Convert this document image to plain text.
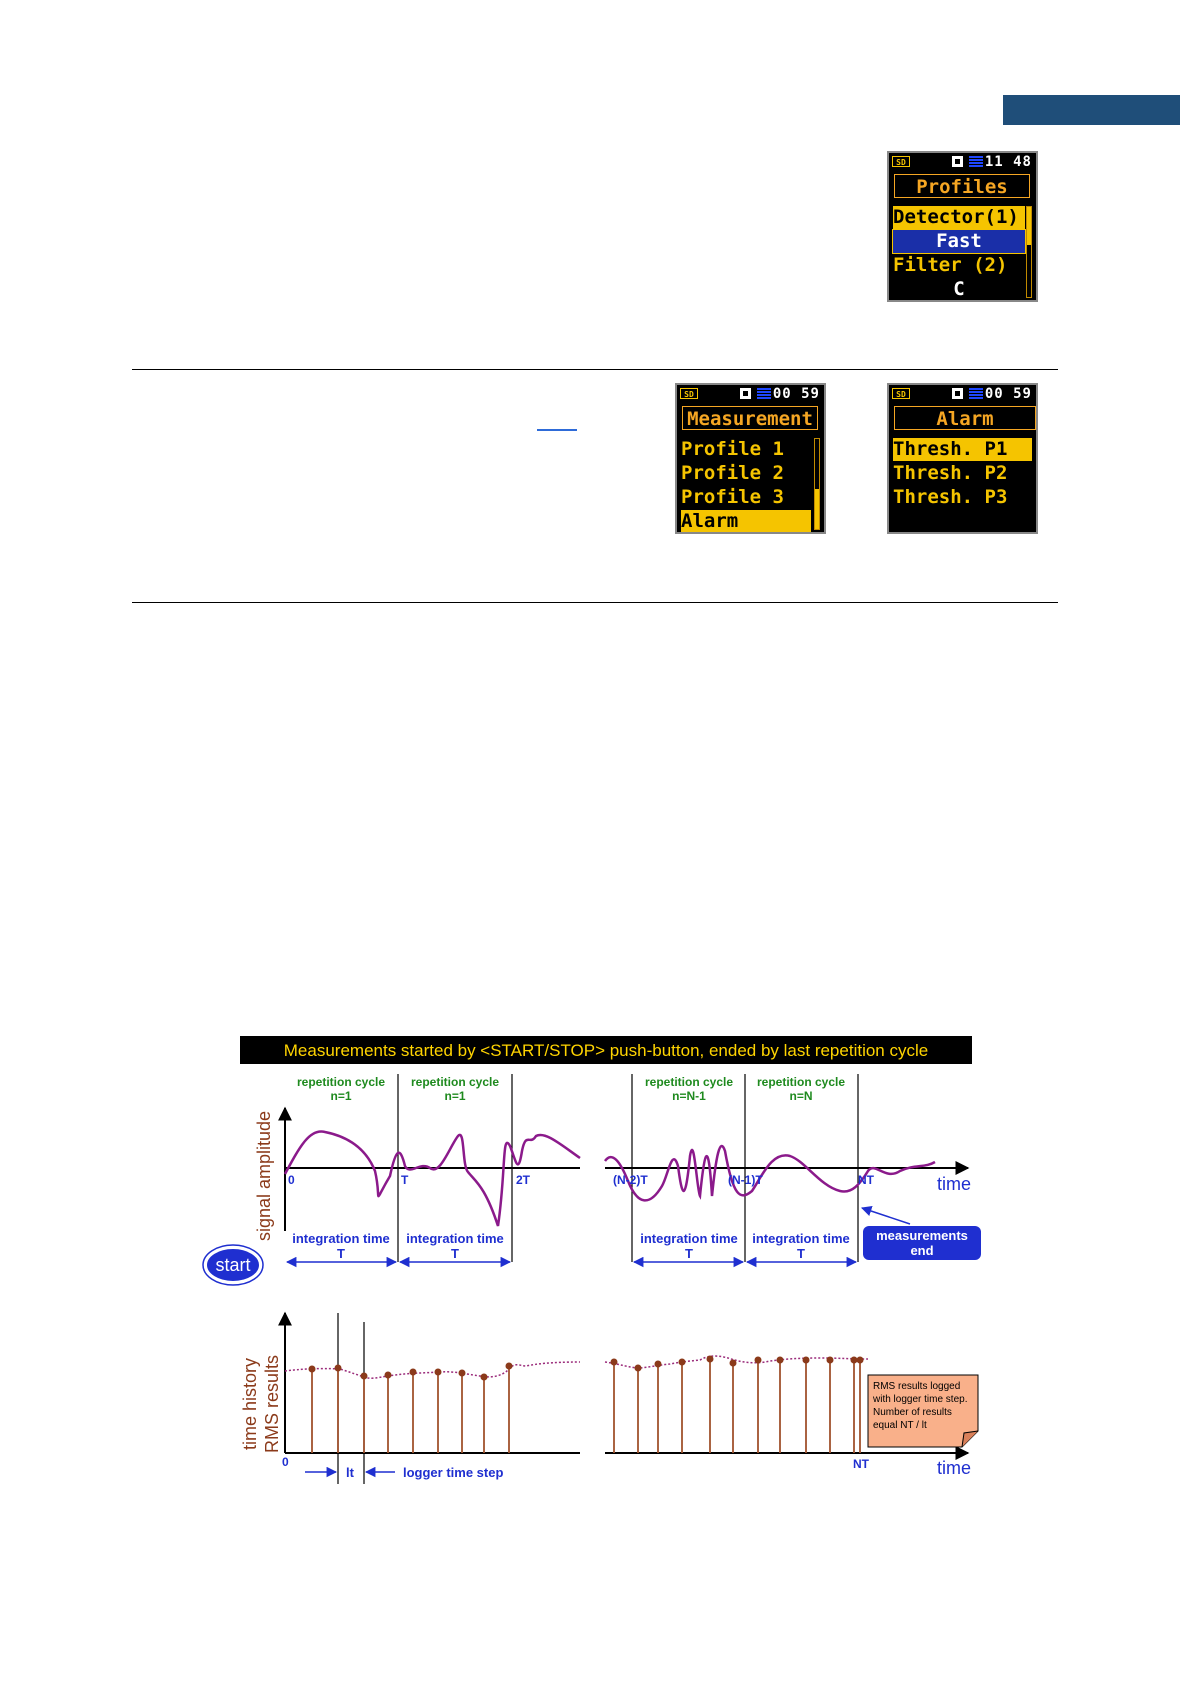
SD	11 48
Profiles
Detector(1)
Fast
Filter (2)
C
SD	00 59
Measurement
Profile 1
Profile 2
Profile 3
Alarm
SD	00 59
Alarm
Thresh. P1
Thresh. P2
Thresh. P3
Measurements started by <START/STOP> push-button, ended by last repetition cycle
signal amplitude
time history RMS results
repetition cycle
n=1
repetition cycle
n=1
repetition cycle
n=N-1
repetition cycle
n=N
0	T	2T	(N-2)T	(N-1)T	NT	time
integration time
T
integration time
T
integration time
T
integration time
T
start
measurements
end
0
lt	logger time step
NT	time
RMS results logged
with logger time step.
Number of results
equal NT / lt
